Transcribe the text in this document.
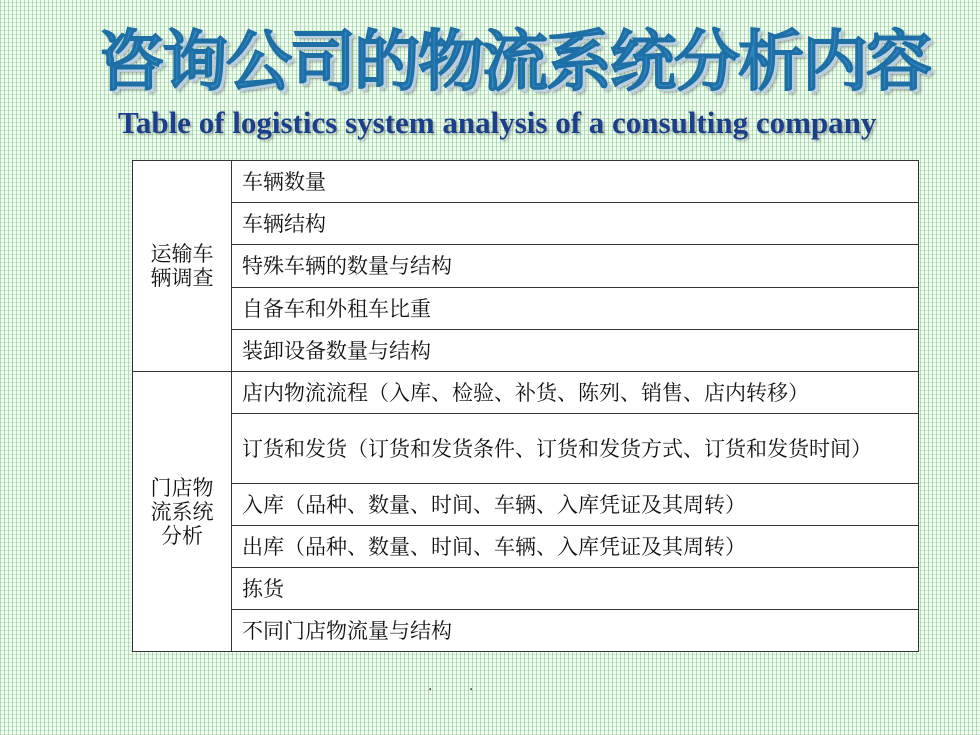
咨询公司的物流系统分析内容
Table of logistics system analysis of a consulting company
运输车辆调查	车辆数量
	车辆结构
	特殊车辆的数量与结构
	自备车和外租车比重
	装卸设备数量与结构
门店物流系统分析	店内物流流程（入库、检验、补货、陈列、销售、店内转移）
	订货和发货（订货和发货条件、订货和发货方式、订货和发货时间）
	入库（品种、数量、时间、车辆、入库凭证及其周转）
	出库（品种、数量、时间、车辆、入库凭证及其周转）
	拣货
	不同门店物流量与结构
. .
